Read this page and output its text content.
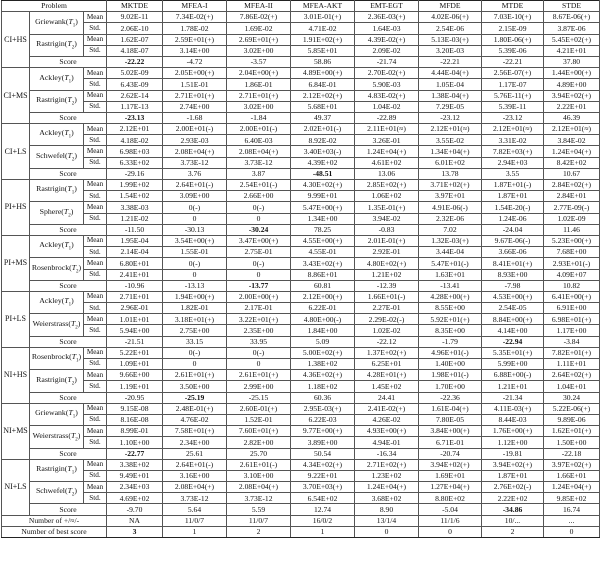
Problem			MKTDE	MFEA-I	MFEA-II	MFEA-AKT	EMT-EGT	MFDE	MTDE	STDE
CI+HS	$Griewank(T_1)$	Mean	9.02E-11	7.34E-02(+)	7.86E-02(+)	3.01E-01(+)	2.36E-03(+)	4.02E-06(+)	7.03E-10(+)	8.67E-06(+)
		Std.	2.06E-10	1.78E-02	1.69E-02	4.71E-02	1.64E-03	2.54E-06	2.15E-09	3.87E-06
	$Rastrigin(T_2)$	Mean	1.62E-07	2.59E+01(+)	2.69E+01(+)	1.91E+02(+)	4.39E-02(+)	5.13E-03(+)	1.80E-06(+)	5.45E+02(+)
		Std.	4.18E-07	3.14E+00	3.02E+00	5.85E+01	2.09E-02	3.20E-03	5.39E-06	4.21E+01
	Score		-22.22	-4.72	-3.57	58.86	-21.74	-22.21	-22.21	37.80
CI+MS	$Ackley(T_1)$	Mean	5.02E-09	2.05E+00(+)	2.04E+00(+)	4.89E+00(+)	2.70E-02(+)	4.44E-04(+)	2.56E-07(+)	1.44E+00(+)
		Std.	6.43E-09	1.51E-01	1.86E-01	6.84E-01	5.90E-03	1.05E-04	1.17E-07	4.89E+00
	$Rastrigin(T_2)$	Mean	2.62E-14	2.71E+01(+)	2.71E+01(+)	2.12E+02(+)	4.83E-02(+)	1.38E-04(+)	5.76E-11(+)	3.94E+02(+)
		Std.	1.17E-13	2.74E+00	3.02E+00	5.68E+01	1.04E-02	7.29E-05	5.39E-11	2.22E+01
	Score		-23.13	-1.68	-1.84	49.37	-22.89	-23.12	-23.12	46.39
CI+LS	$Ackley(T_1)$	Mean	2.12E+01	2.00E+01(-)	2.00E+01(-)	2.02E+01(-)	2.11E+01(≈)	2.12E+01(≈)	2.12E+01(≈)	2.12E+01(≈)
		Std.	4.18E-02	2.93E-03	6.40E-03	8.92E-02	3.26E-01	3.55E-02	3.31E-02	3.84E-02
	$Schwefel(T_2)$	Mean	6.98E+03	2.08E+04(+)	2.08E+04(+)	3.40E+03(-)	1.24E+04(+)	1.34E+04(+)	7.82E+03(+)	1.24E+04(+)
		Std.	6.33E+02	3.73E-12	3.73E-12	4.39E+02	4.61E+02	6.01E+02	2.94E+03	8.42E+02
	Score		-29.16	3.76	3.87	-48.51	13.06	13.78	3.55	10.67
PI+HS	$Rastrigin(T_1)$	Mean	1.99E+02	2.64E+01(-)	2.54E+01(-)	4.30E+02(+)	2.85E+02(+)	3.71E+02(+)	1.87E+01(-)	2.84E+02(+)
		Std.	1.54E+02	3.09E+00	2.66E+00	9.99E+01	1.06E+02	3.97E+01	1.87E+01	2.84E+01
	$Sphere(T_2)$	Mean	3.38E-03	0(-)	0(-)	5.47E+00(+)	1.35E-01(+)	4.91E-06(-)	1.54E-20(-)	2.77E-09(-)
		Std.	1.21E-02	0	0	1.34E+00	3.94E-02	2.32E-06	1.24E-06	1.02E-09
	Score		-11.50	-30.13	-30.24	78.25	-0.83	7.02	-24.04	11.46
PI+MS	$Ackley(T_1)$	Mean	1.95E-04	3.54E+00(+)	3.47E+00(+)	4.55E+00(+)	2.01E-01(+)	1.32E-03(+)	9.67E-06(-)	5.23E+00(+)
		Std.	2.14E-04	1.55E-01	2.75E-01	4.55E-01	2.92E-01	3.44E-04	3.66E-06	7.68E+00
	$Rosenbrock(T_2)$	Mean	6.80E+01	0(-)	0(-)	3.43E+02(+)	4.80E+02(+)	5.47E+01(-)	8.41E+01(+)	2.93E+01(-)
		Std.	2.41E+01	0	0	8.86E+01	1.21E+02	1.63E+01	8.93E+00	4.09E+07
	Score		-10.96	-13.13	-13.77	60.81	-12.39	-13.41	-7.98	10.82
PI+LS	$Ackley(T_1)$	Mean	2.71E+01	1.94E+00(+)	2.00E+00(+)	2.12E+00(+)	1.66E+01(-)	4.28E+00(+)	4.53E+00(+)	6.41E+00(+)
		Std.	2.96E-01	1.82E-01	2.17E-01	6.22E-01	2.27E-01	8.55E+00	2.54E-05	6.91E+00
	$Weierstrass(T_2)$	Mean	1.01E+01	3.18E+01(+)	3.22E+01(+)	4.80E+00(-)	2.29E-02(-)	5.92E+01(+)	8.84E+00(+)	6.98E+01(+)
		Std.	5.94E+00	2.75E+00	2.35E+00	1.84E+00	1.02E-02	8.35E+00	4.14E+00	1.17E+00
	Score		-21.51	33.15	33.95	5.09	-22.12	-1.79	-22.94	-3.84
NI+HS	$Rosenbrock(T_1)$	Mean	5.22E+01	0(-)	0(-)	5.00E+02(+)	1.37E+02(+)	4.96E+01(-)	5.35E+01(+)	7.82E+01(+)
		Std.	1.09E+01	0	0	1.38E+02	6.25E+01	1.40E+00	5.99E+00	1.11E+01
	$Rastrigin(T_2)$	Mean	9.66E+00	2.61E+01(+)	2.61E+01(+)	4.36E+02(+)	4.28E+01(+)	1.98E+01(-)	6.88E+00(-)	2.64E+02(+)
		Std.	1.19E+01	3.50E+00	2.99E+00	1.18E+02	1.45E+02	1.70E+00	1.21E+01	1.04E+01
	Score		-20.95	-25.19	-25.15	60.36	24.41	-22.36	-21.34	30.24
NI+MS	$Griewank(T_1)$	Mean	9.15E-08	2.48E-01(+)	2.60E-01(+)	2.95E-03(+)	2.41E-02(+)	1.61E-04(+)	4.11E-03(+)	5.22E-06(+)
		Std.	8.16E-08	4.76E-02	1.52E-01	6.22E-03	4.26E-02	7.80E-05	8.44E-03	9.89E-06
	$Weierstrass(T_2)$	Mean	8.99E-01	7.58E+01(+)	7.60E+01(+)	9.77E+00(+)	4.93E+00(+)	3.84E+00(+)	1.76E+00(+)	1.62E+01(+)
		Std.	1.10E+00	2.34E+00	2.82E+00	3.89E+00	4.94E-01	6.71E-01	1.12E+00	1.50E+00
	Score		-22.77	25.61	25.70	50.54	-16.34	-20.74	-19.81	-22.18
NI+LS	$Rastrigin(T_1)$	Mean	3.38E+02	2.64E+01(-)	2.61E+01(-)	4.34E+02(+)	2.71E+02(+)	3.94E+02(+)	3.94E+02(+)	3.97E+02(+)
		Std.	9.49E+01	3.16E+00	3.10E+00	9.22E+01	1.23E+02	1.69E+01	1.87E+01	1.66E+01
	$Schwefel(T_2)$	Mean	2.34E+03	2.08E+04(+)	2.08E+04(+)	3.70E+03(+)	1.24E+04(+)	1.27E+04(+)	2.76E+02(-)	1.24E+04(+)
		Std.	4.69E+02	3.73E-12	3.73E-12	6.54E+02	3.68E+02	8.80E+02	2.22E+02	9.85E+02
	Score		-9.70	5.64	5.59	12.74	8.90	-5.04	-34.86	16.74
Number of +/≈/-			NA	11/0/7	11/0/7	16/0/2	13/1/4	11/1/6	10/...	...
Number of best score			3	1	2	1	0	0	2	0
